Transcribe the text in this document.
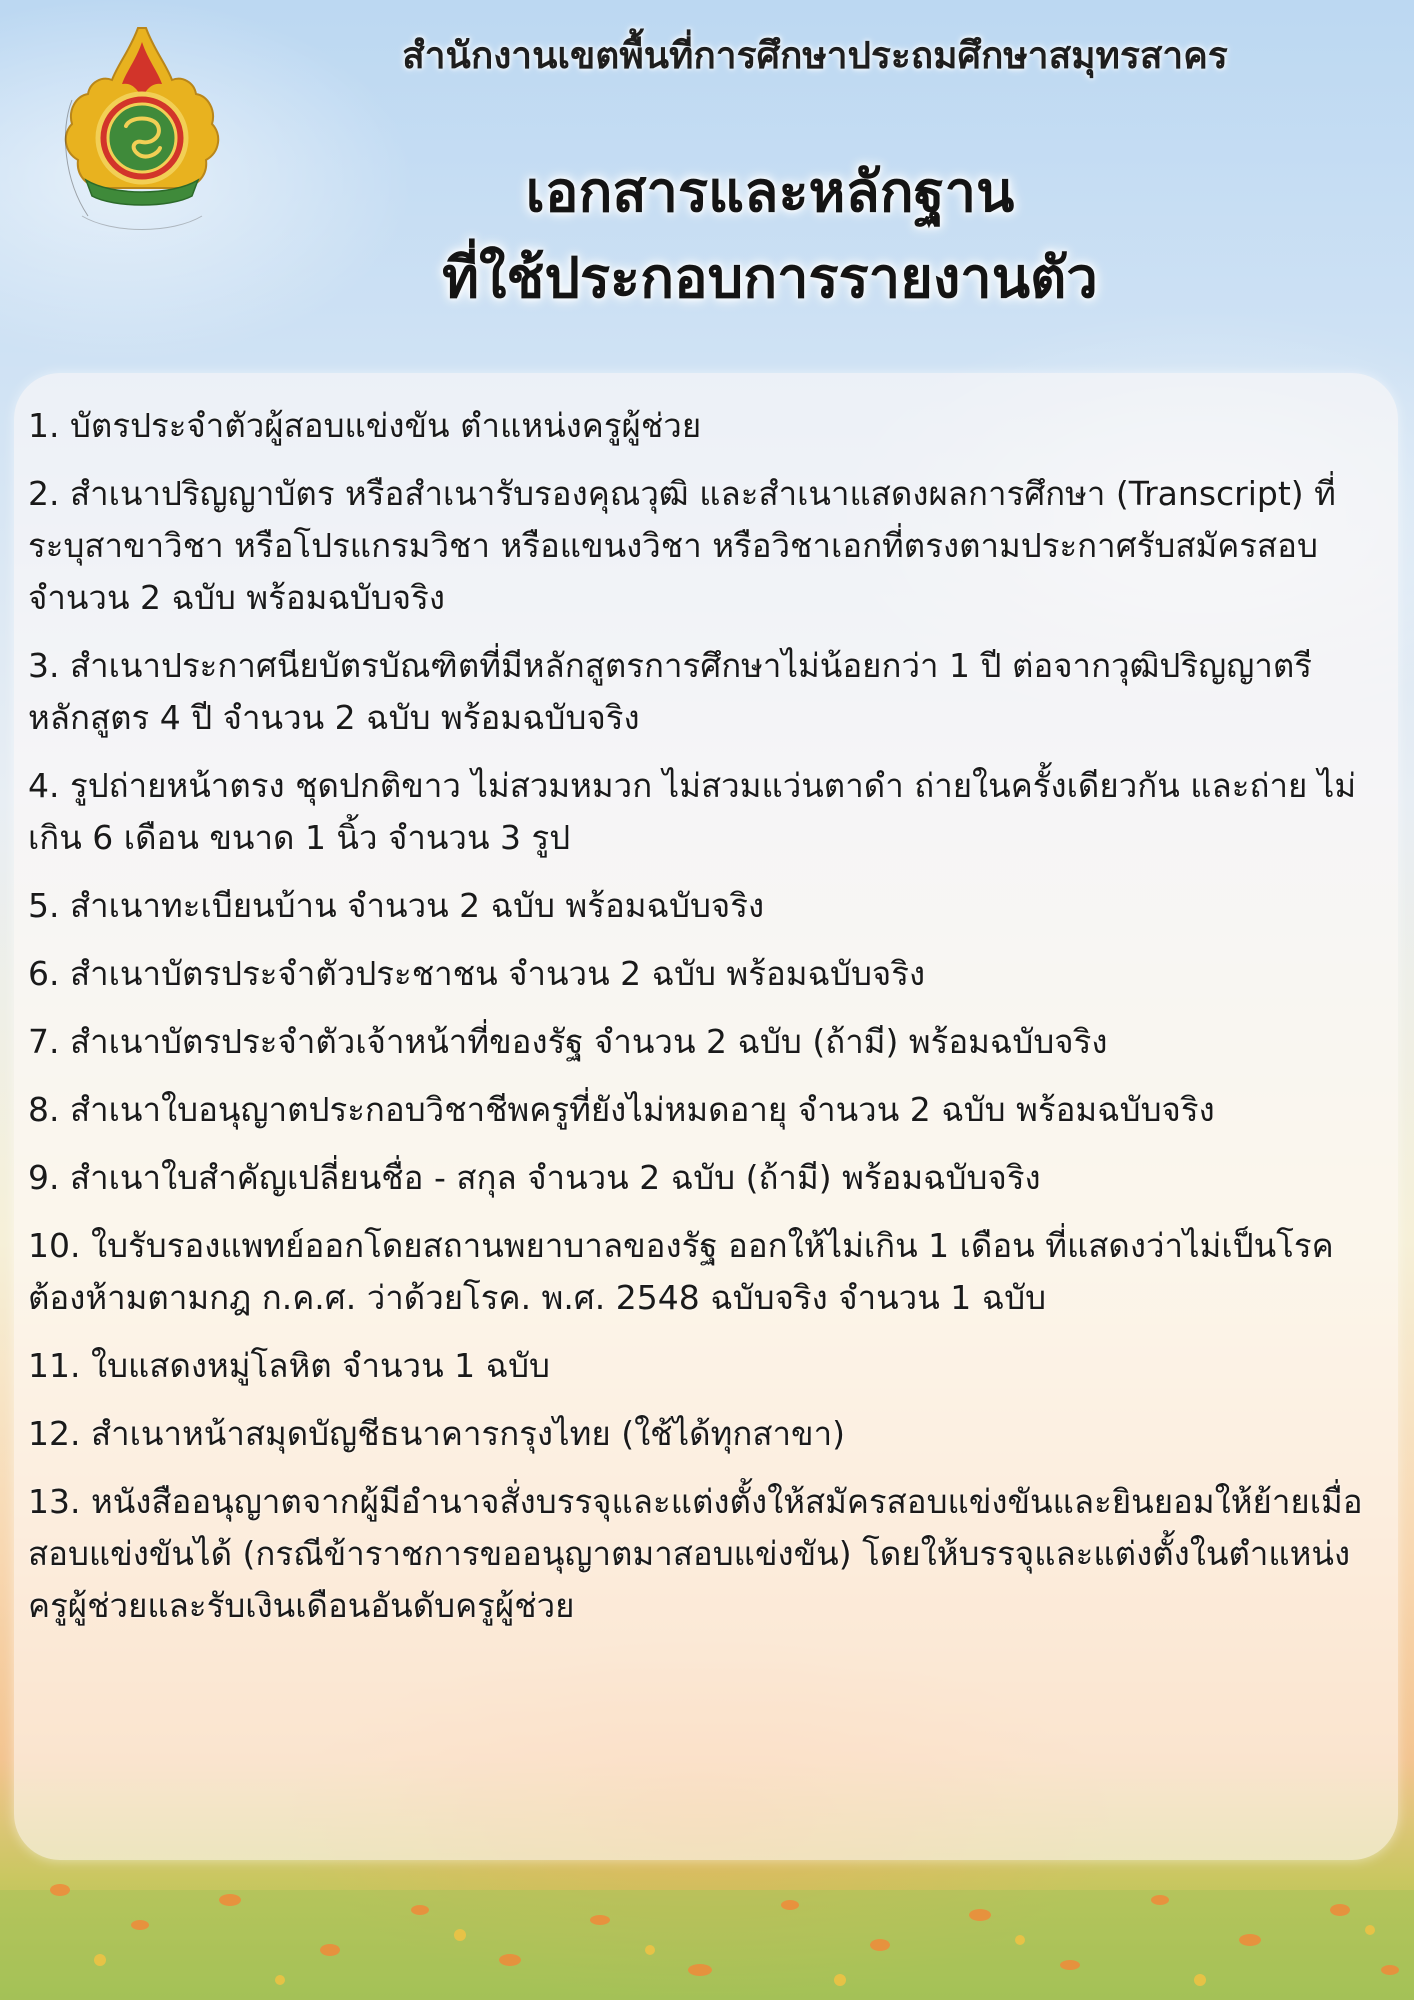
สำนักงานเขตพื้นที่การศึกษาประถมศึกษาสมุทรสาคร
เอกสารและหลักฐาน
ที่ใช้ประกอบการรายงานตัว
1. บัตรประจำตัวผู้สอบแข่งขัน ตำแหน่งครูผู้ช่วย
2. สำเนาปริญญาบัตร หรือสำเนารับรองคุณวุฒิ และสำเนาแสดงผลการศึกษา (Transcript) ที่ระบุสาขาวิชา หรือโปรแกรมวิชา หรือแขนงวิชา หรือวิชาเอกที่ตรงตามประกาศรับสมัครสอบจำนวน 2 ฉบับ พร้อมฉบับจริง
3. สำเนาประกาศนียบัตรบัณฑิตที่มีหลักสูตรการศึกษาไม่น้อยกว่า 1 ปี ต่อจากวุฒิปริญญาตรี หลักสูตร 4 ปี จำนวน 2 ฉบับ พร้อมฉบับจริง
4. รูปถ่ายหน้าตรง ชุดปกติขาว ไม่สวมหมวก ไม่สวมแว่นตาดำ ถ่ายในครั้งเดียวกัน และถ่าย ไม่เกิน 6 เดือน ขนาด 1 นิ้ว จำนวน 3 รูป
5. สำเนาทะเบียนบ้าน จำนวน 2 ฉบับ พร้อมฉบับจริง
6. สำเนาบัตรประจำตัวประชาชน จำนวน 2 ฉบับ พร้อมฉบับจริง
7. สำเนาบัตรประจำตัวเจ้าหน้าที่ของรัฐ จำนวน 2 ฉบับ (ถ้ามี) พร้อมฉบับจริง
8. สำเนาใบอนุญาตประกอบวิชาชีพครูที่ยังไม่หมดอายุ จำนวน 2 ฉบับ พร้อมฉบับจริง
9. สำเนาใบสำคัญเปลี่ยนชื่อ - สกุล จำนวน 2 ฉบับ (ถ้ามี) พร้อมฉบับจริง
10. ใบรับรองแพทย์ออกโดยสถานพยาบาลของรัฐ ออกให้ไม่เกิน 1 เดือน ที่แสดงว่าไม่เป็นโรคต้องห้ามตามกฎ ก.ค.ศ. ว่าด้วยโรค. พ.ศ. 2548 ฉบับจริง จำนวน 1 ฉบับ
11. ใบแสดงหมู่โลหิต จำนวน 1 ฉบับ
12. สำเนาหน้าสมุดบัญชีธนาคารกรุงไทย (ใช้ได้ทุกสาขา)
13. หนังสืออนุญาตจากผู้มีอำนาจสั่งบรรจุและแต่งตั้งให้สมัครสอบแข่งขันและยินยอมให้ย้ายเมื่อสอบแข่งขันได้ (กรณีข้าราชการขออนุญาตมาสอบแข่งขัน) โดยให้บรรจุและแต่งตั้งในตำแหน่งครูผู้ช่วยและรับเงินเดือนอันดับครูผู้ช่วย
